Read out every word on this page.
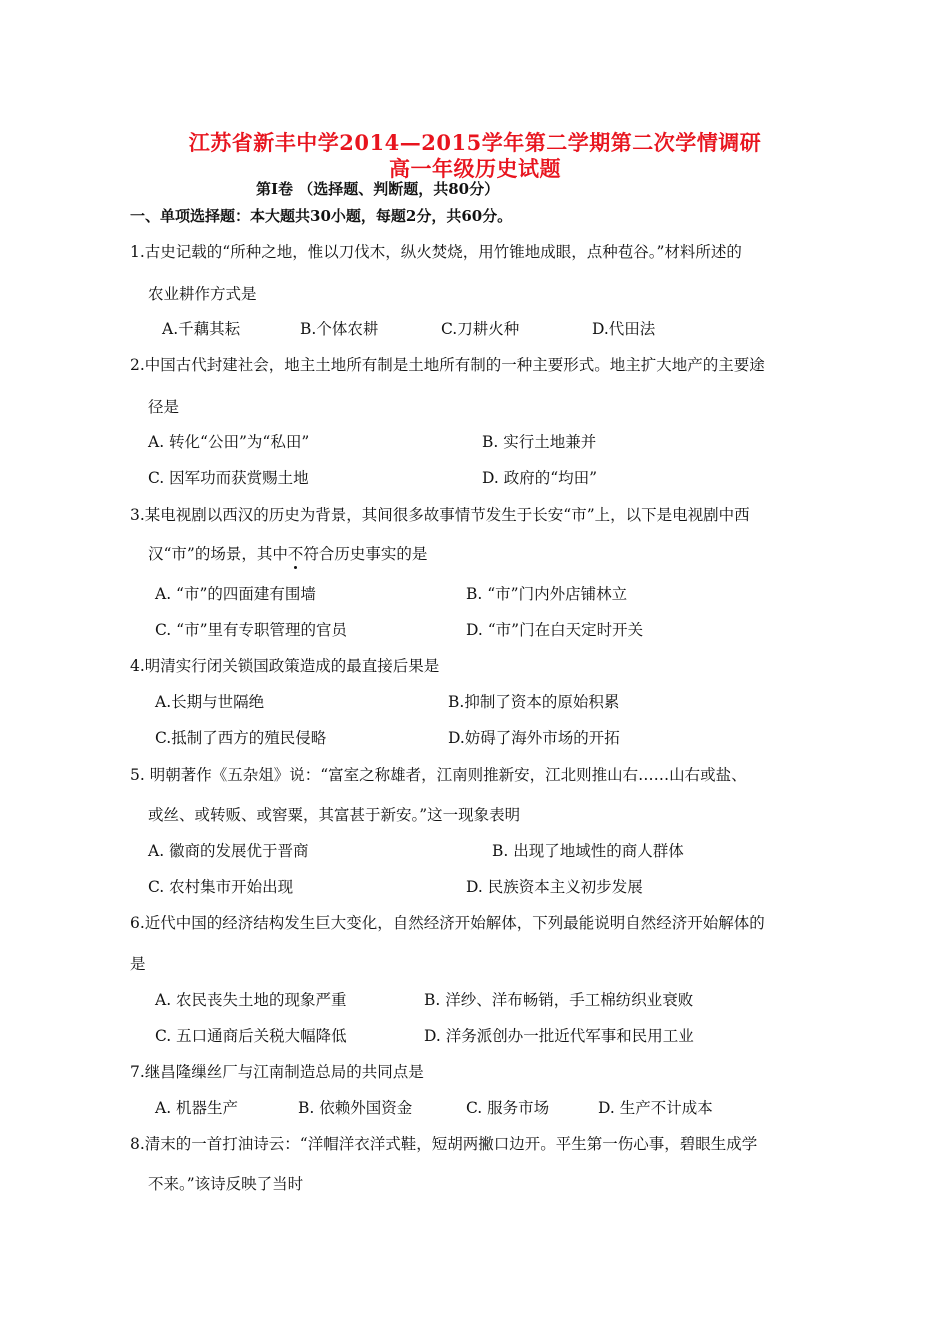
江苏省新丰中学2014—2015学年第二学期第二次学情调研
高一年级历史试题
第Ⅰ卷 （选择题、判断题，共80分）
一、单项选择题：本大题共30小题，每题2分，共60分。
1.古史记载的“所种之地，惟以刀伐木，纵火焚烧，用竹锥地成眼，点种苞谷。”材料所述的
农业耕作方式是
A.千藕其耘	B.个体农耕	C.刀耕火种	D.代田法
2.中国古代封建社会，地主土地所有制是土地所有制的一种主要形式。地主扩大地产的主要途
径是
A. 转化“公田”为“私田”	B. 实行土地兼并
C. 因军功而获赏赐土地	D. 政府的“均田”
3.某电视剧以西汉的历史为背景，其间很多故事情节发生于长安“市”上，以下是电视剧中西
汉“市”的场景，其中不符合历史事实的是
A. “市”的四面建有围墙	B. “市”门内外店铺林立
C. “市”里有专职管理的官员	D. “市”门在白天定时开关
4.明清实行闭关锁国政策造成的最直接后果是
A.长期与世隔绝	B.抑制了资本的原始积累
C.抵制了西方的殖民侵略	D.妨碍了海外市场的开拓
5. 明朝著作《五杂俎》说：“富室之称雄者，江南则推新安，江北则推山右……山右或盐、
或丝、或转贩、或窖粟，其富甚于新安。”这一现象表明
A. 徽商的发展优于晋商	B. 出现了地域性的商人群体
C. 农村集市开始出现	D. 民族资本主义初步发展
6.近代中国的经济结构发生巨大变化，自然经济开始解体，下列最能说明自然经济开始解体的
是
A. 农民丧失土地的现象严重	B. 洋纱、洋布畅销，手工棉纺织业衰败
C. 五口通商后关税大幅降低	D. 洋务派创办一批近代军事和民用工业
7.继昌隆缫丝厂与江南制造总局的共同点是
A. 机器生产	B. 依赖外国资金	C. 服务市场	D. 生产不计成本
8.清末的一首打油诗云：“洋帽洋衣洋式鞋，短胡两撇口边开。平生第一伤心事，碧眼生成学
不来。”该诗反映了当时
